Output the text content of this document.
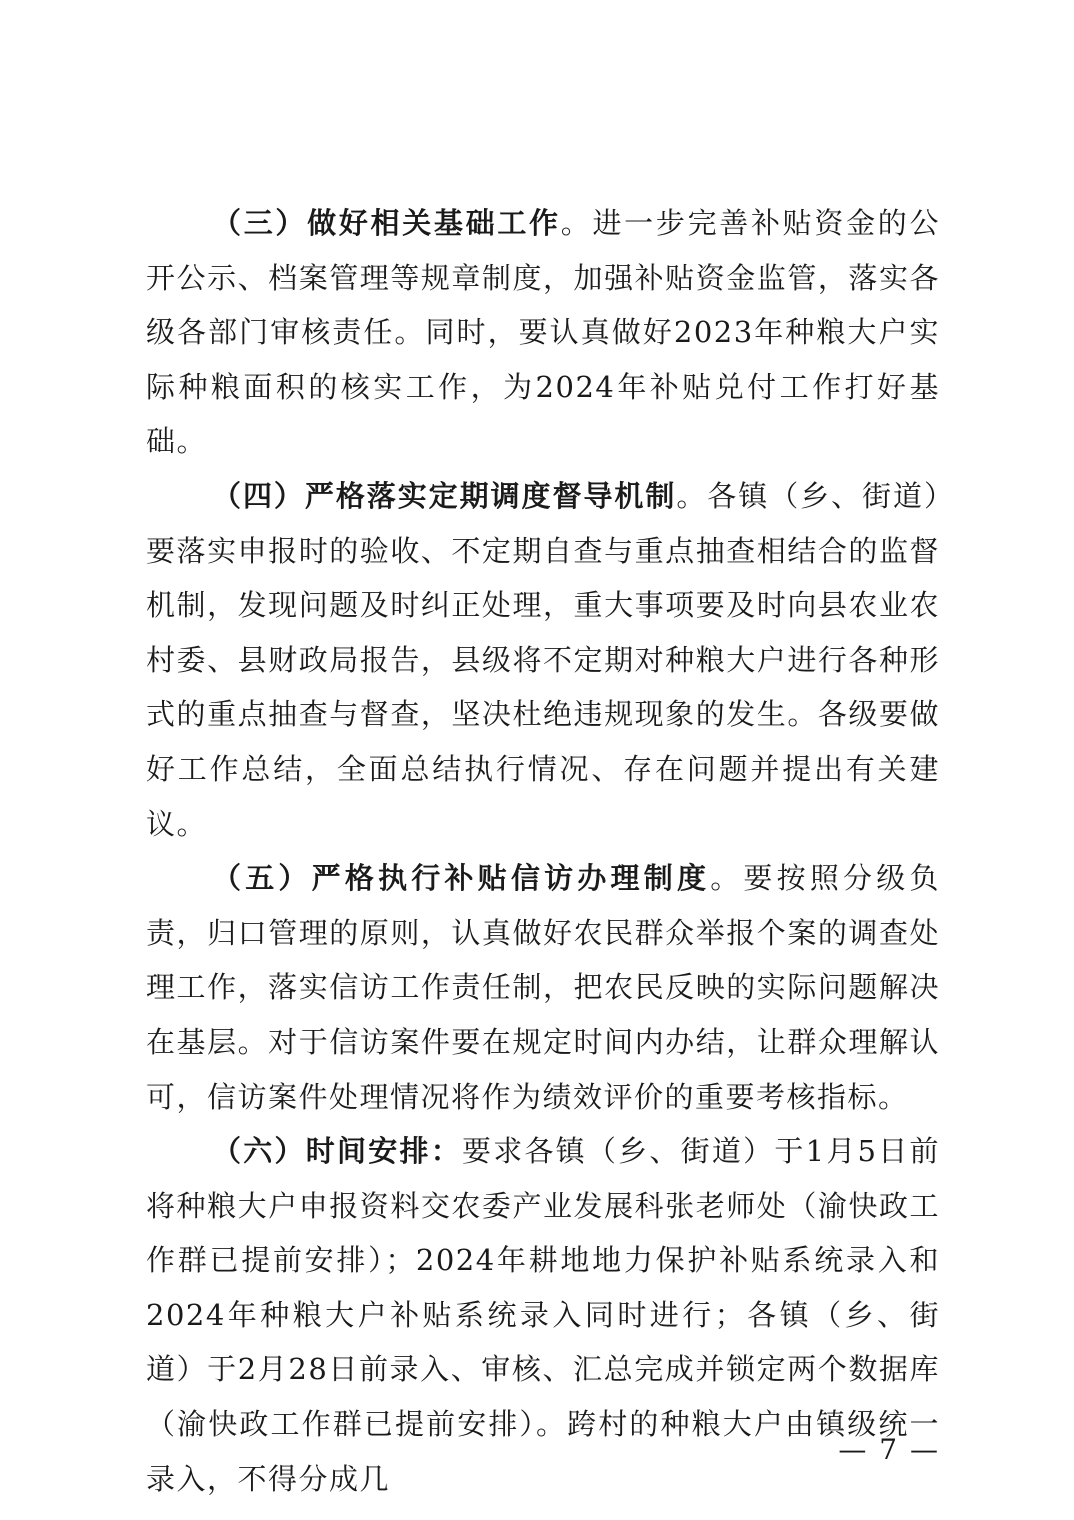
（三）做好相关基础工作。进一步完善补贴资金的公开公示、档案管理等规章制度，加强补贴资金监管，落实各级各部门审核责任。同时，要认真做好2023年种粮大户实际种粮面积的核实工作，为2024年补贴兑付工作打好基础。

（四）严格落实定期调度督导机制。各镇（乡、街道）要落实申报时的验收、不定期自查与重点抽查相结合的监督机制，发现问题及时纠正处理，重大事项要及时向县农业农村委、县财政局报告，县级将不定期对种粮大户进行各种形式的重点抽查与督查，坚决杜绝违规现象的发生。各级要做好工作总结，全面总结执行情况、存在问题并提出有关建议。

（五）严格执行补贴信访办理制度。要按照分级负责，归口管理的原则，认真做好农民群众举报个案的调查处理工作，落实信访工作责任制，把农民反映的实际问题解决在基层。对于信访案件要在规定时间内办结，让群众理解认可，信访案件处理情况将作为绩效评价的重要考核指标。

（六）时间安排：要求各镇（乡、街道）于1月5日前将种粮大户申报资料交农委产业发展科张老师处（渝快政工作群已提前安排）；2024年耕地地力保护补贴系统录入和2024年种粮大户补贴系统录入同时进行；各镇（乡、街道）于2月28日前录入、审核、汇总完成并锁定两个数据库（渝快政工作群已提前安排）。跨村的种粮大户由镇级统一录入，不得分成几

— 7 —
